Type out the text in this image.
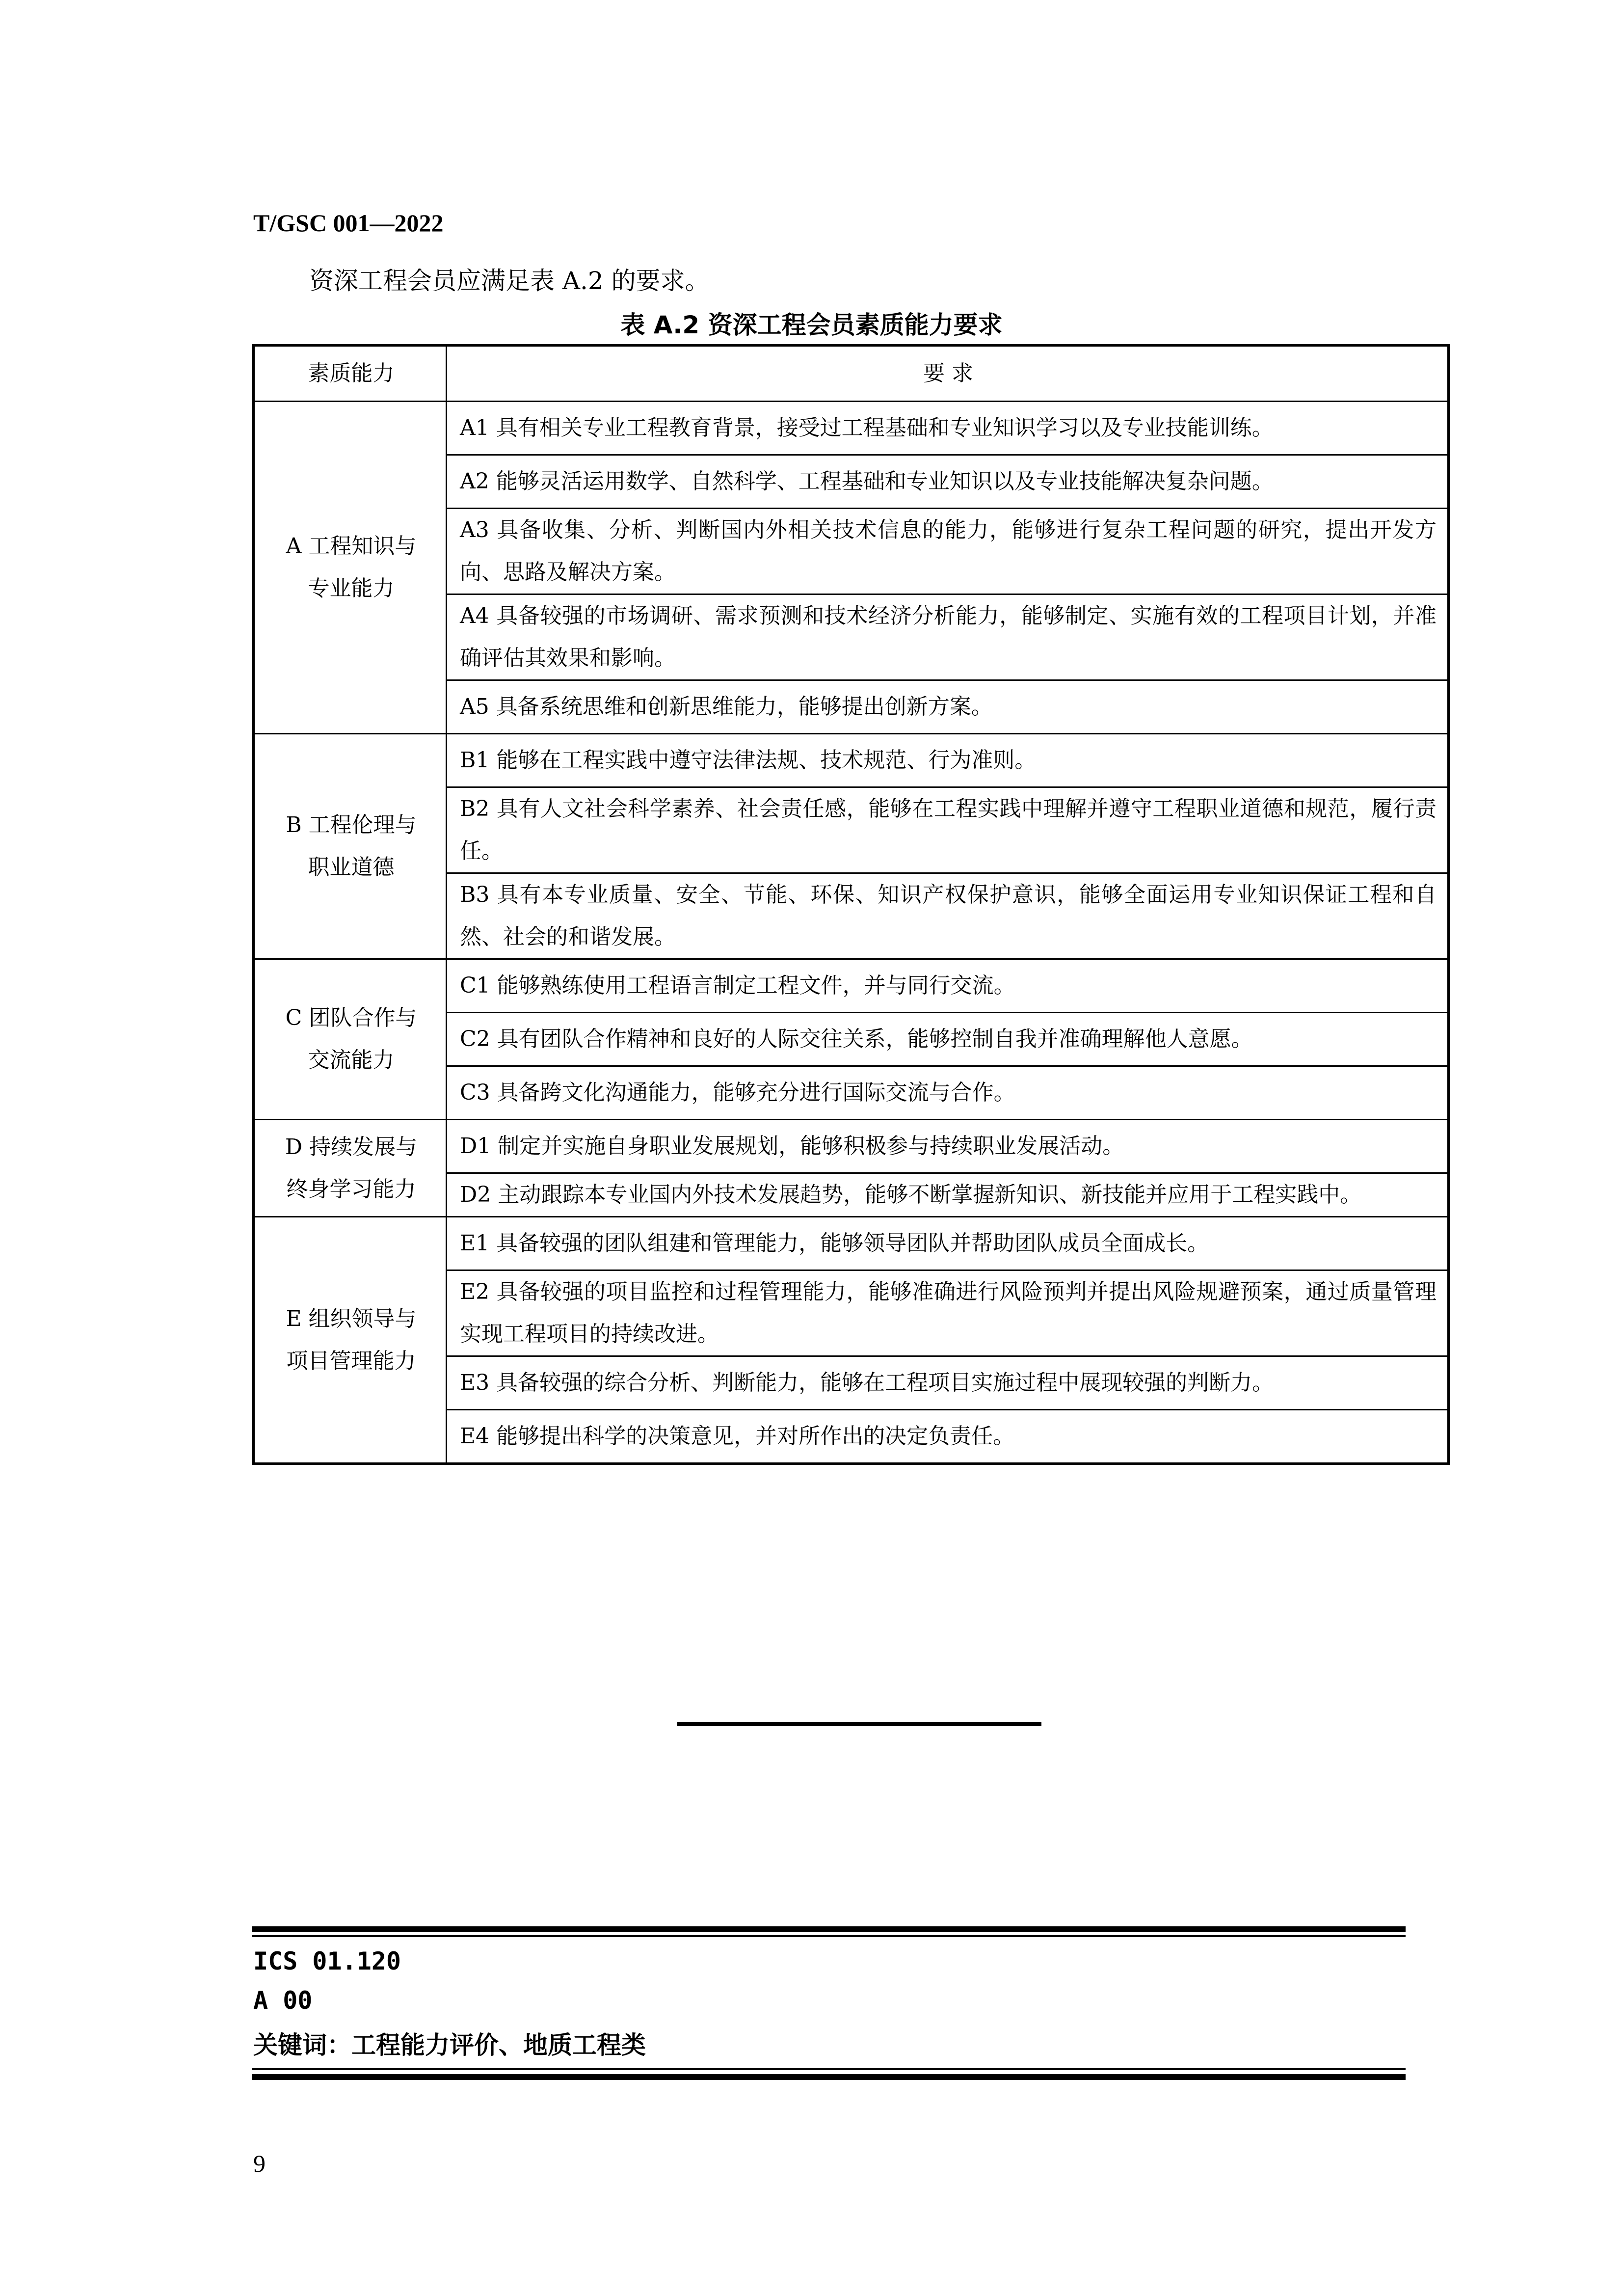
T/GSC 001—2022
资深工程会员应满足表 A.2 的要求。
表 A.2 资深工程会员素质能力要求
素质能力	要 求

A 工程知识与
专业能力	A1 具有相关专业工程教育背景，接受过工程基础和专业知识学习以及专业技能训练。
	A2 能够灵活运用数学、自然科学、工程基础和专业知识以及专业技能解决复杂问题。
	A3 具备收集、分析、判断国内外相关技术信息的能力，能够进行复杂工程问题的研究，提出开发方向、思路及解决方案。
	A4 具备较强的市场调研、需求预测和技术经济分析能力，能够制定、实施有效的工程项目计划，并准确评估其效果和影响。
	A5 具备系统思维和创新思维能力，能够提出创新方案。

B 工程伦理与
职业道德	B1 能够在工程实践中遵守法律法规、技术规范、行为准则。
	B2 具有人文社会科学素养、社会责任感，能够在工程实践中理解并遵守工程职业道德和规范，履行责任。
	B3 具有本专业质量、安全、节能、环保、知识产权保护意识，能够全面运用专业知识保证工程和自然、社会的和谐发展。

C 团队合作与
交流能力	C1 能够熟练使用工程语言制定工程文件，并与同行交流。
	C2 具有团队合作精神和良好的人际交往关系，能够控制自我并准确理解他人意愿。
	C3 具备跨文化沟通能力，能够充分进行国际交流与合作。

D 持续发展与
终身学习能力	D1 制定并实施自身职业发展规划，能够积极参与持续职业发展活动。
	D2 主动跟踪本专业国内外技术发展趋势，能够不断掌握新知识、新技能并应用于工程实践中。

E 组织领导与
项目管理能力	E1 具备较强的团队组建和管理能力，能够领导团队并帮助团队成员全面成长。
	E2 具备较强的项目监控和过程管理能力，能够准确进行风险预判并提出风险规避预案，通过质量管理实现工程项目的持续改进。
	E3 具备较强的综合分析、判断能力，能够在工程项目实施过程中展现较强的判断力。
	E4 能够提出科学的决策意见，并对所作出的决定负责任。
ICS 01.120
A 00
关键词：工程能力评价、地质工程类
9
